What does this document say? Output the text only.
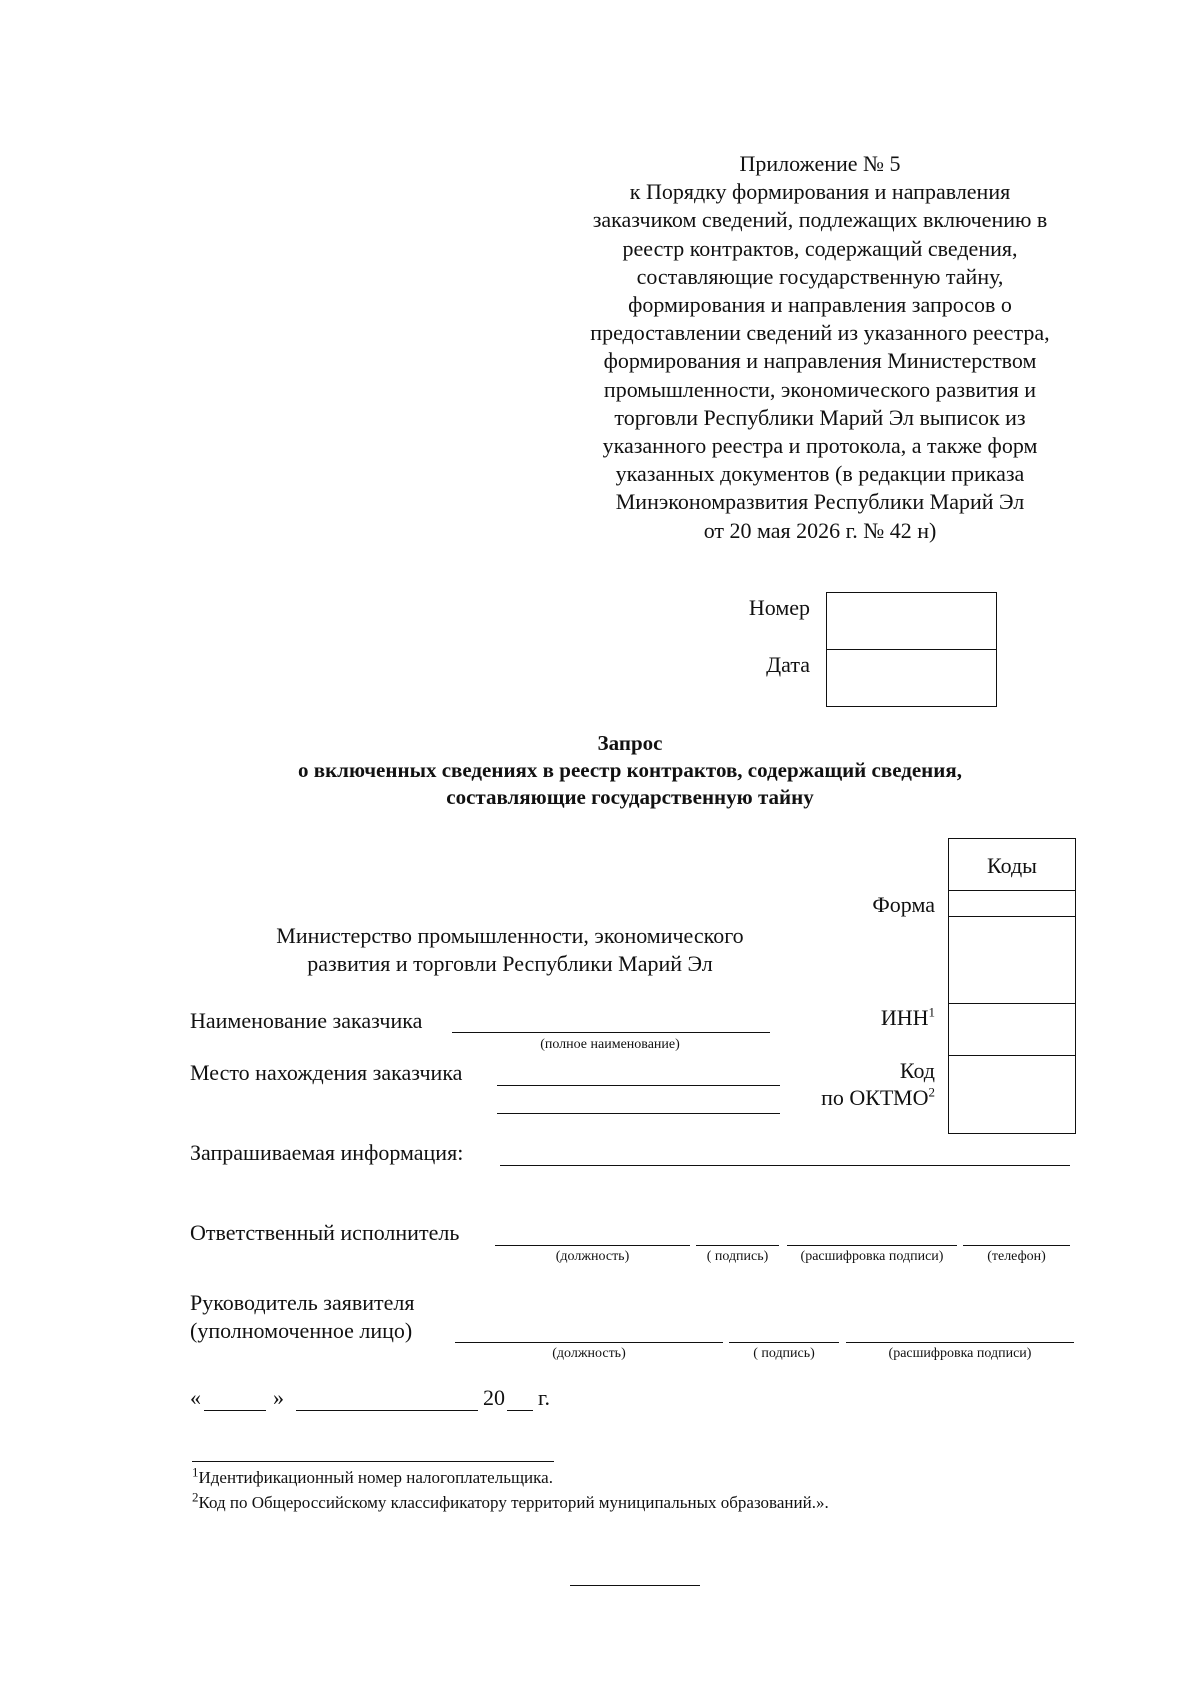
Приложение № 5
к Порядку формирования и направления
заказчиком сведений, подлежащих включению в
реестр контрактов, содержащий сведения,
составляющие государственную тайну,
формирования и направления запросов о
предоставлении сведений из указанного реестра,
формирования и направления Министерством
промышленности, экономического развития и
торговли Республики Марий Эл выписок из
указанного реестра и протокола, а также форм
указанных документов (в редакции приказа
Минэкономразвития Республики Марий Эл
от 20 мая 2026 г. № 42 н)
Номер
Дата
Запрос
о включенных сведениях в реестр контрактов, содержащий сведения,
составляющие государственную тайну
Коды
Форма
ИНН$^1$
Код
по ОКТМО$^2$
Министерство промышленности, экономического
развития и торговли Республики Марий Эл
Наименование заказчика
(полное наименование)
Место нахождения заказчика
Запрашиваемая информация:
Ответственный исполнитель
(должность)	( подпись)	(расшифровка подписи)	(телефон)
Руководитель заявителя
(уполномоченное лицо)
(должность)	( подпись)	(расшифровка подписи)
«	»	20 г.
$^1$Идентификационный номер налогоплательщика.
$^2$Код по Общероссийскому классификатору территорий муниципальных образований.».
